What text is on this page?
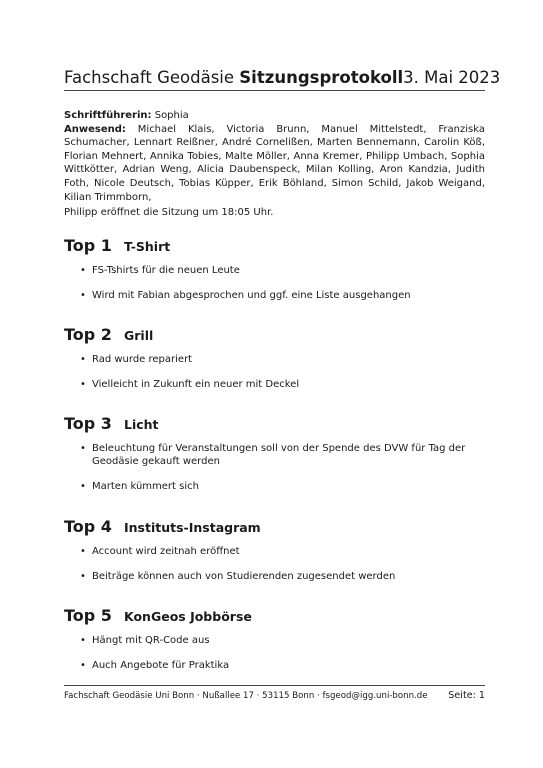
Fachschaft Geodäsie Sitzungsprotokoll 3. Mai 2023
Schriftführerin: Sophia
Anwesend: Michael Klais, Victoria Brunn, Manuel Mittelstedt, Franziska Schumacher, Lennart Reißner, André Cornelißen, Marten Bennemann, Carolin Köß, Florian Mehnert, Annika Tobies, Malte Möller, Anna Kremer, Philipp Umbach, Sophia Wittkötter, Adrian Weng, Alicia Daubenspeck, Milan Kolling, Aron Kandzia, Judith Foth, Nicole Deutsch, Tobias Küpper, Erik Böhland, Simon Schild, Jakob Weigand, Kilian Trimmborn,
Philipp eröffnet die Sitzung um 18:05 Uhr.
Top 1 T-Shirt
• FS-Tshirts für die neuen Leute
• Wird mit Fabian abgesprochen und ggf. eine Liste ausgehangen
Top 2 Grill
• Rad wurde repariert
• Vielleicht in Zukunft ein neuer mit Deckel
Top 3 Licht
• Beleuchtung für Veranstaltungen soll von der Spende des DVW für Tag der Geodäsie gekauft werden
• Marten kümmert sich
Top 4 Instituts-Instagram
• Account wird zeitnah eröffnet
• Beiträge können auch von Studierenden zugesendet werden
Top 5 KonGeos Jobbörse
• Hängt mit QR-Code aus
• Auch Angebote für Praktika
Fachschaft Geodäsie Uni Bonn · Nußallee 17 · 53115 Bonn · fsgeod@igg.uni-bonn.de Seite: 1
